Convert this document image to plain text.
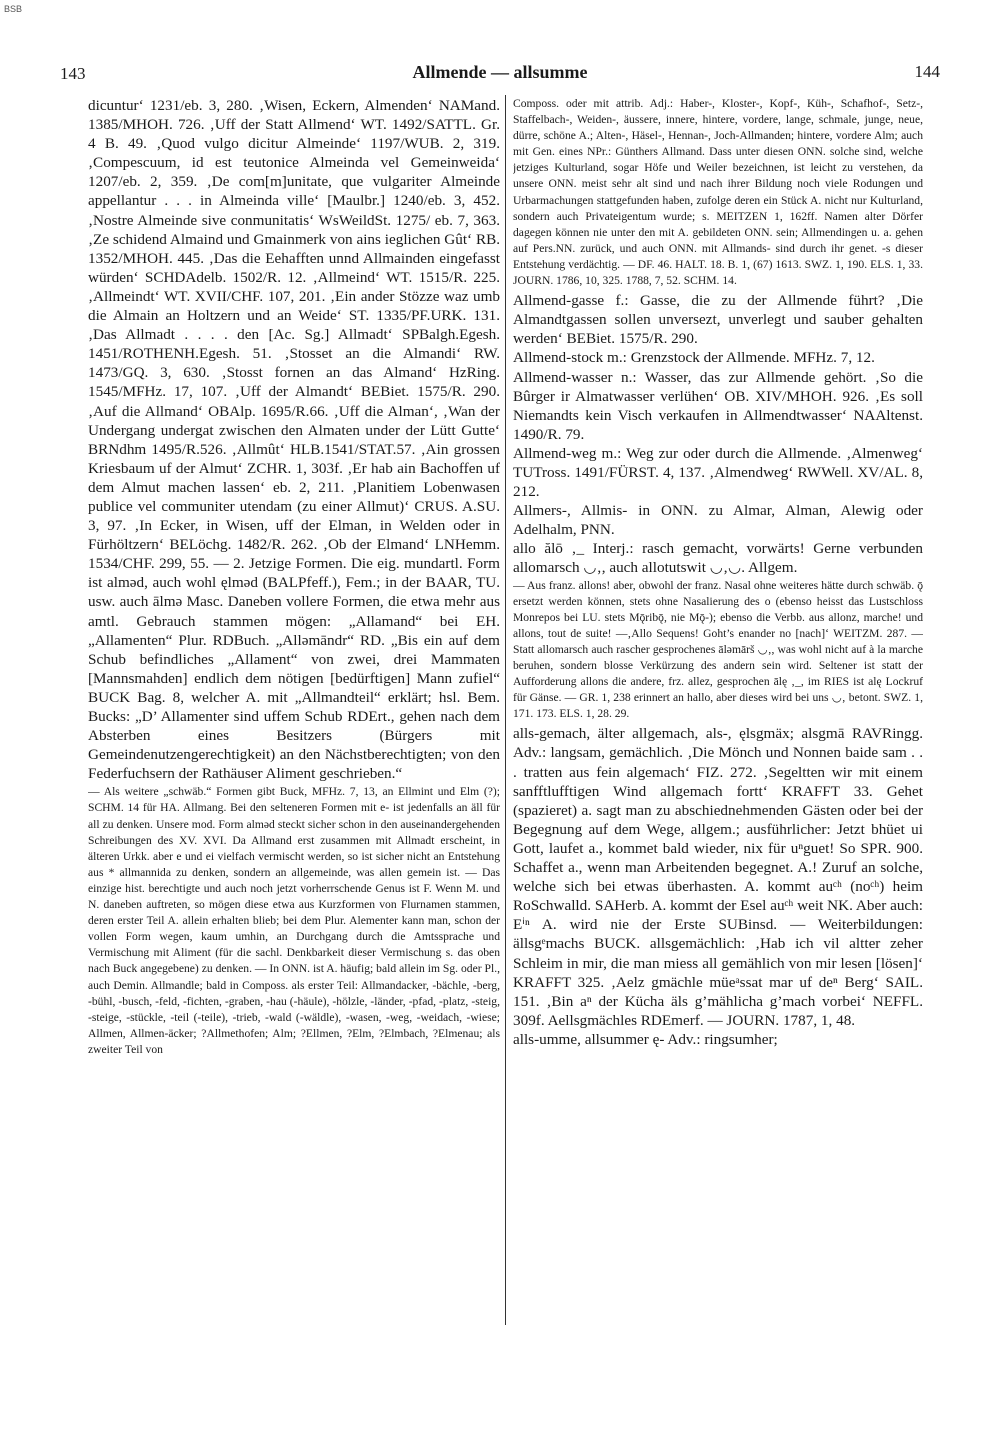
BSB
143	Allmende — allsumme	144

dicuntur‘ 1231/eb. 3, 280. ‚Wisen, Eckern, Almenden‘ NAMand. 1385/MHOH. 726. ‚Uff der Statt Allmend‘ WT. 1492/SATTL. Gr. 4 B. 49. ‚Quod vulgo dicitur Almeinde‘ 1197/WUB. 2, 319. ‚Compescuum, id est teutonice Almeinda vel Gemeinweida‘ 1207/eb. 2, 359. ‚De com[m]unitate, que vulgariter Almeinde appellantur . . . in Almeinda ville‘ [Maulbr.] 1240/eb. 3, 452. ‚Nostre Almeinde sive conmunitatis‘ WsWeildSt. 1275/ eb. 7, 363. ‚Ze schidend Almaind und Gmainmerk von ains ieglichen Gût‘ RB. 1352/MHOH. 445. ‚Das die Eehafften unnd Allmainden eingefasst würden‘ SCHDAdelb. 1502/R. 12. ‚Allmeind‘ WT. 1515/R. 225. ‚Allmeindt‘ WT. XVII/CHF. 107, 201. ‚Ein ander Stözze waz umb die Almain an Holtzern und an Weide‘ ST. 1335/PF.URK. 131. ‚Das Allmadt . . . . den [Ac. Sg.] Allmadt‘ SPBalgh.Egesh. 1451/ROTHENH.Egesh. 51. ‚Stosset an die Almandi‘ RW. 1473/GQ. 3, 630. ‚Stosst fornen an das Almand‘ HzRing. 1545/MFHz. 17, 107. ‚Uff der Almandt‘ BEBiet. 1575/R. 290. ‚Auf die Allmand‘ OBAlp. 1695/R.66. ‚Uff die Alman‘, ‚Wan der Undergang undergat zwischen den Almaten under der Lütt Gutte‘ BRNdhm 1495/R.526. ‚Allmût‘ HLB.1541/STAT.57. ‚Ain grossen Kriesbaum uf der Almut‘ ZCHR. 1, 303f. ‚Er hab ain Bachoffen uf dem Almut machen lassen‘ eb. 2, 211. ‚Planitiem Lobenwasen publice vel communiter utendam (zu einer Allmut)‘ CRUS. A.SU. 3, 97. ‚In Ecker, in Wisen, uff der Elman, in Welden oder in Fürhöltzern‘ BELöchg. 1482/R. 262. ‚Ob der Elmand‘ LNHemm. 1534/CHF. 299, 55. — 2. Jetzige Formen. Die eig. mundartl. Form ist alməd, auch wohl ęlməd (BALPfeff.), Fem.; in der BAAR, TU. usw. auch ālmə Masc. Daneben vollere Formen, die etwa mehr aus amtl. Gebrauch stammen mögen: „Allamand“ bei EH. „Allamenten“ Plur. RDBuch. „Alləmāndr“ RD. „Bis ein auf dem Schub befindliches „Allament“ von zwei, drei Mammaten [Mannsmahden] endlich dem nötigen [bedürftigen] Mann zufiel“ BUCK Bag. 8, welcher A. mit „Allmandteil“ erklärt; hsl. Bem. Bucks: „D’ Allamenter sind uffem Schub RDErt., gehen nach dem Absterben eines Besitzers (Bürgers mit Gemeindenutzengerechtigkeit) an den Nächstberechtigten; von den Federfuchsern der Rathäuser Aliment geschrieben.“

— Als weitere „schwäb.“ Formen gibt Buck, MFHz. 7, 13, an Ellmint und Elm (?); SCHM. 14 für HA. Allmang. Bei den selteneren Formen mit e- ist jedenfalls an äll für all zu denken. Unsere mod. Form alməd steckt sicher schon in den auseinandergehenden Schreibungen des XV. XVI. Da Allmand erst zusammen mit Allmadt erscheint, in älteren Urkk. aber e und ei vielfach vermischt werden, so ist sicher nicht an Entstehung aus * allmannida zu denken, sondern an allgemeinde, was allen gemein ist. — Das einzige hist. berechtigte und auch noch jetzt vorherrschende Genus ist F. Wenn M. und N. daneben auftreten, so mögen diese etwa aus Kurzformen von Flurnamen stammen, deren erster Teil A. allein erhalten blieb; bei dem Plur. Alementer kann man, schon der vollen Form wegen, kaum umhin, an Durchgang durch die Amtssprache und Vermischung mit Aliment (für die sachl. Denkbarkeit dieser Vermischung s. das oben nach Buck angegebene) zu denken. — In ONN. ist A. häufig; bald allein im Sg. oder Pl., auch Demin. Allmandle; bald in Composs. als erster Teil: Allmandacker, -bächle, -berg, -bühl, -busch, -feld, -fichten, -graben, -hau (-häule), -hölzle, -länder, -pfad, -platz, -steig, -steige, -stückle, -teil (-teile), -trieb, -wald (-wäldle), -wasen, -weg, -weidach, -wiese; Allmen, Allmen-äcker; ?Allmethofen; Alm; ?Ellmen, ?Elm, ?Elmbach, ?Elmenau; als zweiter Teil von

Composs. oder mit attrib. Adj.: Haber-, Kloster-, Kopf-, Küh-, Schafhof-, Setz-, Staffelbach-, Weiden-, äussere, innere, hintere, vordere, lange, schmale, junge, neue, dürre, schöne A.; Alten-, Häsel-, Hennan-, Joch-Allmanden; hintere, vordere Alm; auch mit Gen. eines NPr.: Günthers Allmand. Dass unter diesen ONN. solche sind, welche jetziges Kulturland, sogar Höfe und Weiler bezeichnen, ist leicht zu verstehen, da unsere ONN. meist sehr alt sind und nach ihrer Bildung noch viele Rodungen und Urbarmachungen stattgefunden haben, zufolge deren ein Stück A. nicht nur Kulturland, sondern auch Privateigentum wurde; s. MEITZEN 1, 162ff. Namen alter Dörfer dagegen können nie unter den mit A. gebildeten ONN. sein; Allmendingen u. a. gehen auf Pers.NN. zurück, und auch ONN. mit Allmands- sind durch ihr genet. -s dieser Entstehung verdächtig. — DF. 46. HALT. 18. B. 1, (67) 1613. SWZ. 1, 190. ELS. 1, 33. JOURN. 1786, 10, 325. 1788, 7, 52. SCHM. 14.

Allmend-gasse f.: Gasse, die zu der Allmende führt? ‚Die Almandtgassen sollen unversezt, unverlegt und sauber gehalten werden‘ BEBiet. 1575/R. 290.

Allmend-stock m.: Grenzstock der Allmende. MFHz. 7, 12.

Allmend-wasser n.: Wasser, das zur Allmende gehört. ‚So die Bûrger ir Almatwasser verlühen‘ OB. XIV/MHOH. 926. ‚Es soll Niemandts kein Visch verkaufen in Allmendtwasser‘ NAAltenst. 1490/R. 79.

Allmend-weg m.: Weg zur oder durch die Allmende. ‚Almenweg‘ TUTross. 1491/FÜRST. 4, 137. ‚Almendweg‘ RWWell. XV/AL. 8, 212.

Allmers-, Allmis- in ONN. zu Almar, Alman, Alewig oder Adelhalm, PNN.

allo ălō ‚_ Interj.: rasch gemacht, vorwärts! Gerne verbunden allomarsch ◡‚, auch allotutswit ◡‚◡. Allgem.

— Aus franz. allons! aber, obwohl der franz. Nasal ohne weiteres hätte durch schwäb. ǭ ersetzt werden können, stets ohne Nasalierung des o (ebenso heisst das Lustschloss Monrepos bei LU. stets Mǭribǭ, nie Mǭ-); ebenso die Verbb. aus allonz, marche! und allons, tout de suite! —‚Allo Sequens! Goht’s enander no [nach]‘ WEITZM. 287. — Statt allomarsch auch rascher gesprochenes āləmārš ◡‚, was wohl nicht auf à la marche beruhen, sondern blosse Verkürzung des andern sein wird. Seltener ist statt der Aufforderung allons die andere, frz. allez, gesprochen ālę ‚_, im RIES ist alę Lockruf für Gänse. — GR. 1, 238 erinnert an hallo, aber dieses wird bei uns ◡‚ betont. SWZ. 1, 171. 173. ELS. 1, 28. 29.

alls-gemach, älter allgemach, als-, ęlsgmäx; alsgmā RAVRingg. Adv.: langsam, gemächlich. ‚Die Mönch und Nonnen baide sam . . . tratten aus fein algemach‘ FIZ. 272. ‚Segeltten wir mit einem sanfftlufftigen Wind allgemach fortt‘ KRAFFT 33. Gehet (spazieret) a. sagt man zu abschiednehmenden Gästen oder bei der Begegnung auf dem Wege, allgem.; ausführlicher: Jetzt bhüet ui Gott, laufet a., kommet bald wieder, nix für uⁿguet! So SPR. 900. Schaffet a., wenn man Arbeitenden begegnet. A.! Zuruf an solche, welche sich bei etwas überhasten. A. kommt auᶜʰ (noᶜʰ) heim RoSchwalld. SAHerb. A. kommt der Esel auᶜʰ weit NK. Aber auch: Eⁱⁿ A. wird nie der Erste SUBinsd. — Weiterbildungen: ällsgᵉmachs BUCK. allsgemächlich: ‚Hab ich vil altter zeher Schleim in mir, die man miess all gemählich von mir lesen [lösen]‘ KRAFFT 325. ‚Aelz gmächle müeᵃssat mar uf deⁿ Berg‘ SAIL. 151. ‚Bin aⁿ der Kücha äls g’mählicha g’mach vorbei‘ NEFFL. 309f. Aellsgmächles RDEmerf. — JOURN. 1787, 1, 48.

alls-umme, allsummer ę- Adv.: ringsumher;
